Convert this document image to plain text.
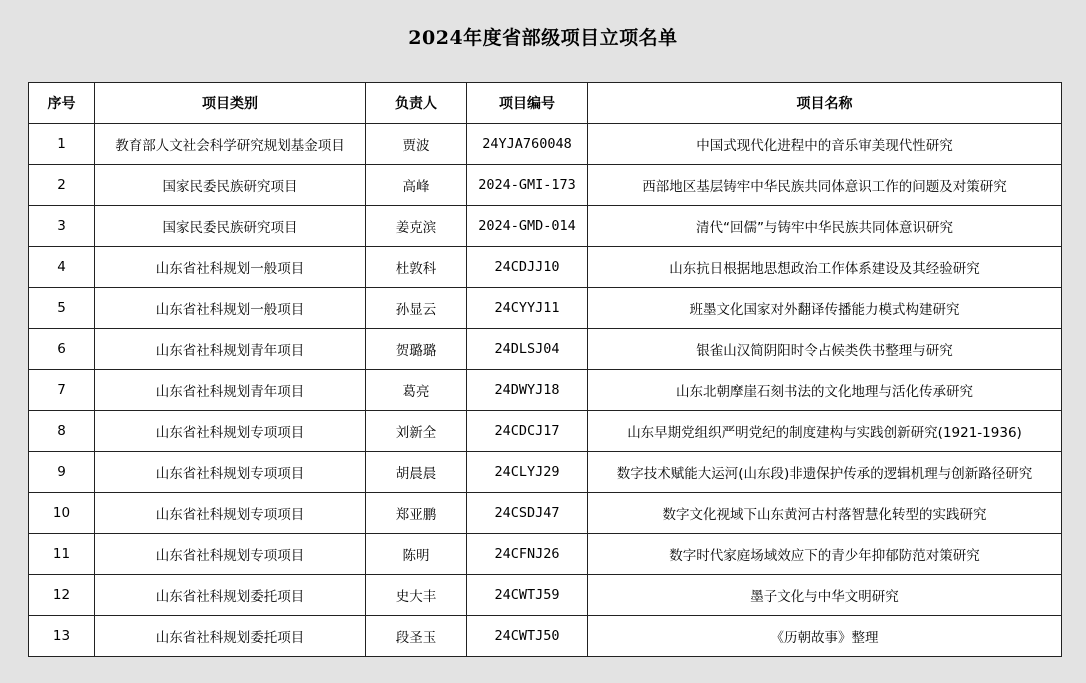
2024年度省部级项目立项名单
序号	项目类别	负责人	项目编号	项目名称
1	教育部人文社会科学研究规划基金项目	贾波	24YJA760048	中国式现代化进程中的音乐审美现代性研究
2	国家民委民族研究项目	高峰	2024-GMI-173	西部地区基层铸牢中华民族共同体意识工作的问题及对策研究
3	国家民委民族研究项目	姜克滨	2024-GMD-014	清代“回儒”与铸牢中华民族共同体意识研究
4	山东省社科规划一般项目	杜敦科	24CDJJ10	山东抗日根据地思想政治工作体系建设及其经验研究
5	山东省社科规划一般项目	孙显云	24CYYJ11	班墨文化国家对外翻译传播能力模式构建研究
6	山东省社科规划青年项目	贺璐璐	24DLSJ04	银雀山汉简阴阳时令占候类佚书整理与研究
7	山东省社科规划青年项目	葛亮	24DWYJ18	山东北朝摩崖石刻书法的文化地理与活化传承研究
8	山东省社科规划专项项目	刘新全	24CDCJ17	山东早期党组织严明党纪的制度建构与实践创新研究(1921-1936)
9	山东省社科规划专项项目	胡晨晨	24CLYJ29	数字技术赋能大运河(山东段)非遗保护传承的逻辑机理与创新路径研究
10	山东省社科规划专项项目	郑亚鹏	24CSDJ47	数字文化视域下山东黄河古村落智慧化转型的实践研究
11	山东省社科规划专项项目	陈明	24CFNJ26	数字时代家庭场域效应下的青少年抑郁防范对策研究
12	山东省社科规划委托项目	史大丰	24CWTJ59	墨子文化与中华文明研究
13	山东省社科规划委托项目	段圣玉	24CWTJ50	《历朝故事》整理
